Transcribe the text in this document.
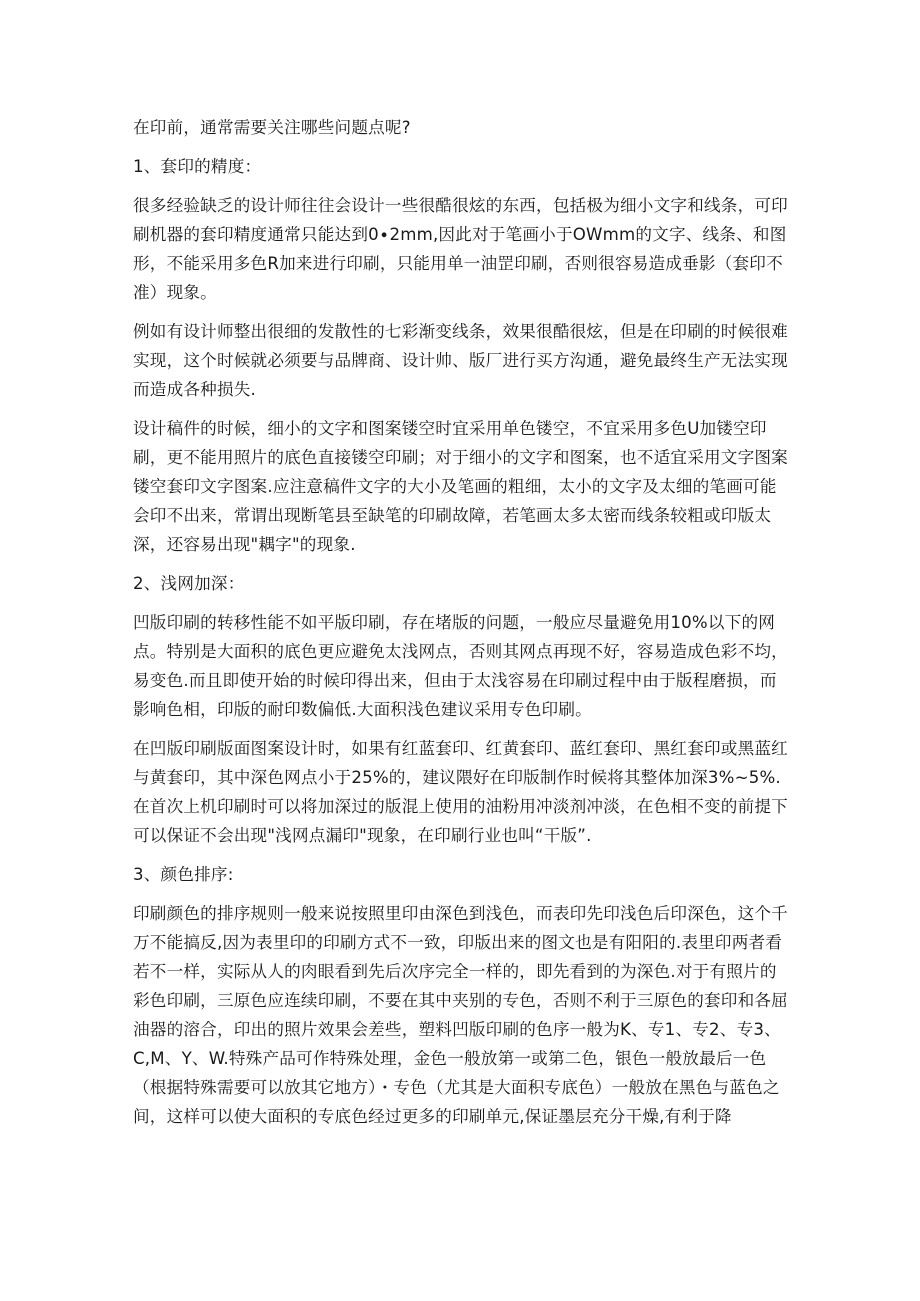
在印前，通常需要关注哪些问题点呢?

1、套印的精度：

很多经验缺乏的设计师往往会设计一些很酷很炫的东西，包括极为细小文字和线条，可印刷机器的套印精度通常只能达到0∙2mm,因此对于笔画小于OWmm的文字、线条、和图形，不能采用多色R加来进行印刷，只能用单一油罡印刷，否则很容易造成垂影（套印不准）现象。

例如有设计师整出很细的发散性的七彩渐变线条，效果很酷很炫，但是在印刷的时候很难实现，这个时候就必须要与品牌商、设计帅、版厂进行买方沟通，避免最终生产无法实现而造成各种损失.

设计稿件的时候，细小的文字和图案镂空时宜采用单色镂空，不宜采用多色U加镂空印刷，更不能用照片的底色直接镂空印刷；对于细小的文字和图案，也不适宜采用文字图案镂空套印文字图案.应注意稿件文字的大小及笔画的粗细，太小的文字及太细的笔画可能会印不出来，常谓出现断笔县至缺笔的印刷故障，若笔画太多太密而线条较粗或印版太深，还容易出现"耦字"的现象.

2、浅网加深：

凹版印刷的转移性能不如平版印刷，存在堵版的问题，一般应尽量避免用10%以下的网点。特别是大面积的底色更应避免太浅网点，否则其网点再现不好，容易造成色彩不均，易变色.而且即使开始的时候印得出来，但由于太浅容易在印刷过程中由于版程磨损，而影响色相，印版的耐印数偏低.大面积浅色建议采用专色印刷。

在凹版印刷版面图案设计时，如果有红蓝套印、红黄套印、蓝红套印、黑红套印或黑蓝红与黄套印，其中深色网点小于25%的，建议隈好在印版制作时候将其整体加深3%~5%.在首次上机印刷时可以将加深过的版混上使用的油粉用冲淡剂冲淡，在色相不变的前提下可以保证不会出现"浅网点漏印"现象，在印刷行业也叫“干版”.

3、颜色排序:

印刷颜色的排序规则一般来说按照里印由深色到浅色，而表印先印浅色后印深色，这个千万不能搞反,因为表里印的印刷方式不一致，印版出来的图文也是有阳阳的.表里印两者看若不一样，实际从人的肉眼看到先后次序完全一样的，即先看到的为深色.对于有照片的彩色印刷，三原色应连续印刷，不要在其中夹别的专色，否则不利于三原色的套印和各屈油器的溶合，印出的照片效果会差些，塑料凹版印刷的色序一般为K、专1、专2、专3、C,M、Y、W.特殊产品可作特殊处理，金色一般放第一或第二色，银色一般放最后一色（根据特殊需要可以放其它地方）・专色（尤其是大面积专底色）一般放在黑色与蓝色之间，这样可以使大面积的专底色经过更多的印刷单元,保证墨层充分干燥,有利于降
